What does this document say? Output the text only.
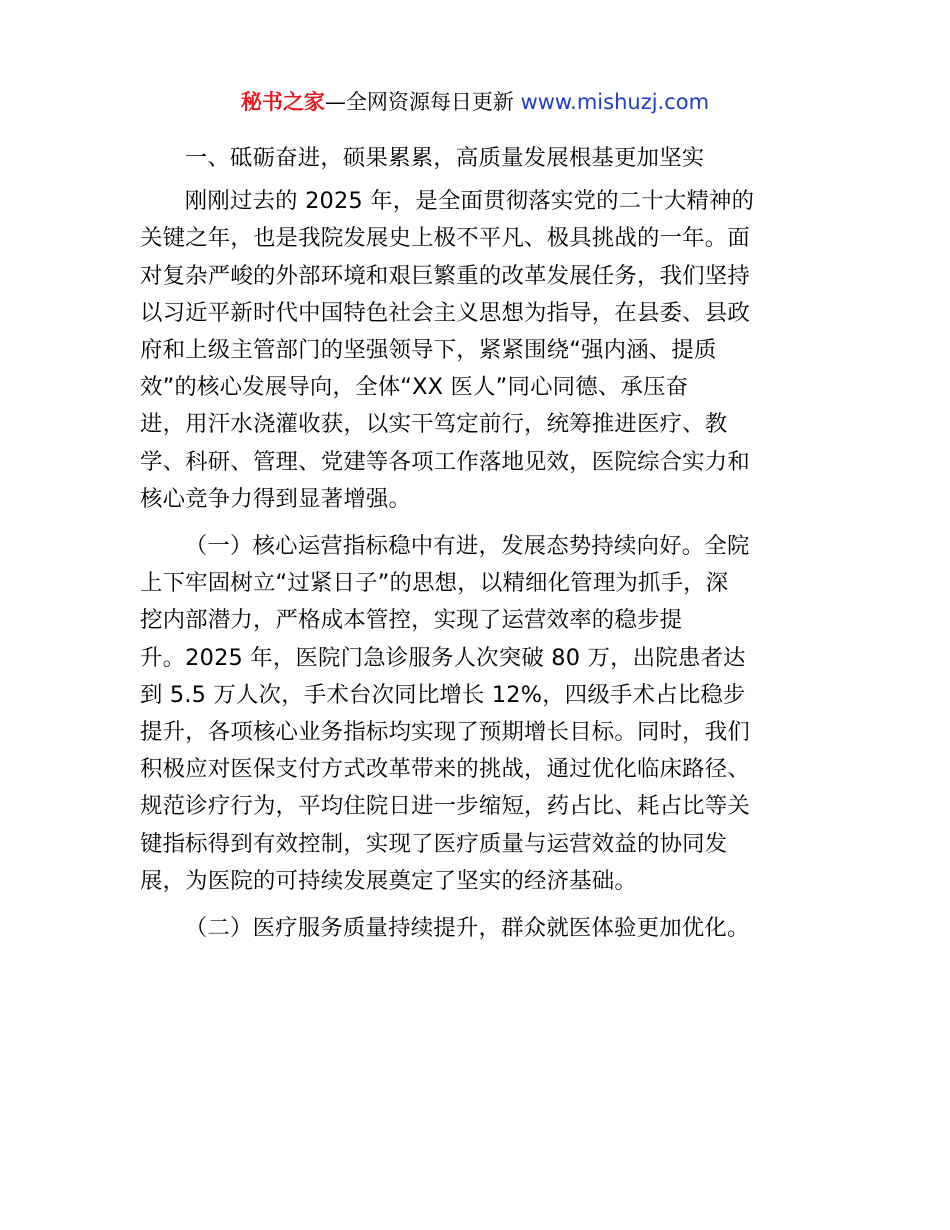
秘书之家—全网资源每日更新 www.mishuzj.com

一、砥砺奋进，硕果累累，高质量发展根基更加坚实

刚刚过去的 2025 年，是全面贯彻落实党的二十大精神的
关键之年，也是我院发展史上极不平凡、极具挑战的一年。面
对复杂严峻的外部环境和艰巨繁重的改革发展任务，我们坚持
以习近平新时代中国特色社会主义思想为指导，在县委、县政
府和上级主管部门的坚强领导下，紧紧围绕“强内涵、提质
效”的核心发展导向，全体“XX 医人”同心同德、承压奋
进，用汗水浇灌收获，以实干笃定前行，统筹推进医疗、教
学、科研、管理、党建等各项工作落地见效，医院综合实力和
核心竞争力得到显著增强。

（一）核心运营指标稳中有进，发展态势持续向好。全院
上下牢固树立“过紧日子”的思想，以精细化管理为抓手，深
挖内部潜力，严格成本管控，实现了运营效率的稳步提
升。2025 年，医院门急诊服务人次突破 80 万，出院患者达
到 5.5 万人次，手术台次同比增长 12%，四级手术占比稳步
提升，各项核心业务指标均实现了预期增长目标。同时，我们
积极应对医保支付方式改革带来的挑战，通过优化临床路径、
规范诊疗行为，平均住院日进一步缩短，药占比、耗占比等关
键指标得到有效控制，实现了医疗质量与运营效益的协同发
展，为医院的可持续发展奠定了坚实的经济基础。

（二）医疗服务质量持续提升，群众就医体验更加优化。
